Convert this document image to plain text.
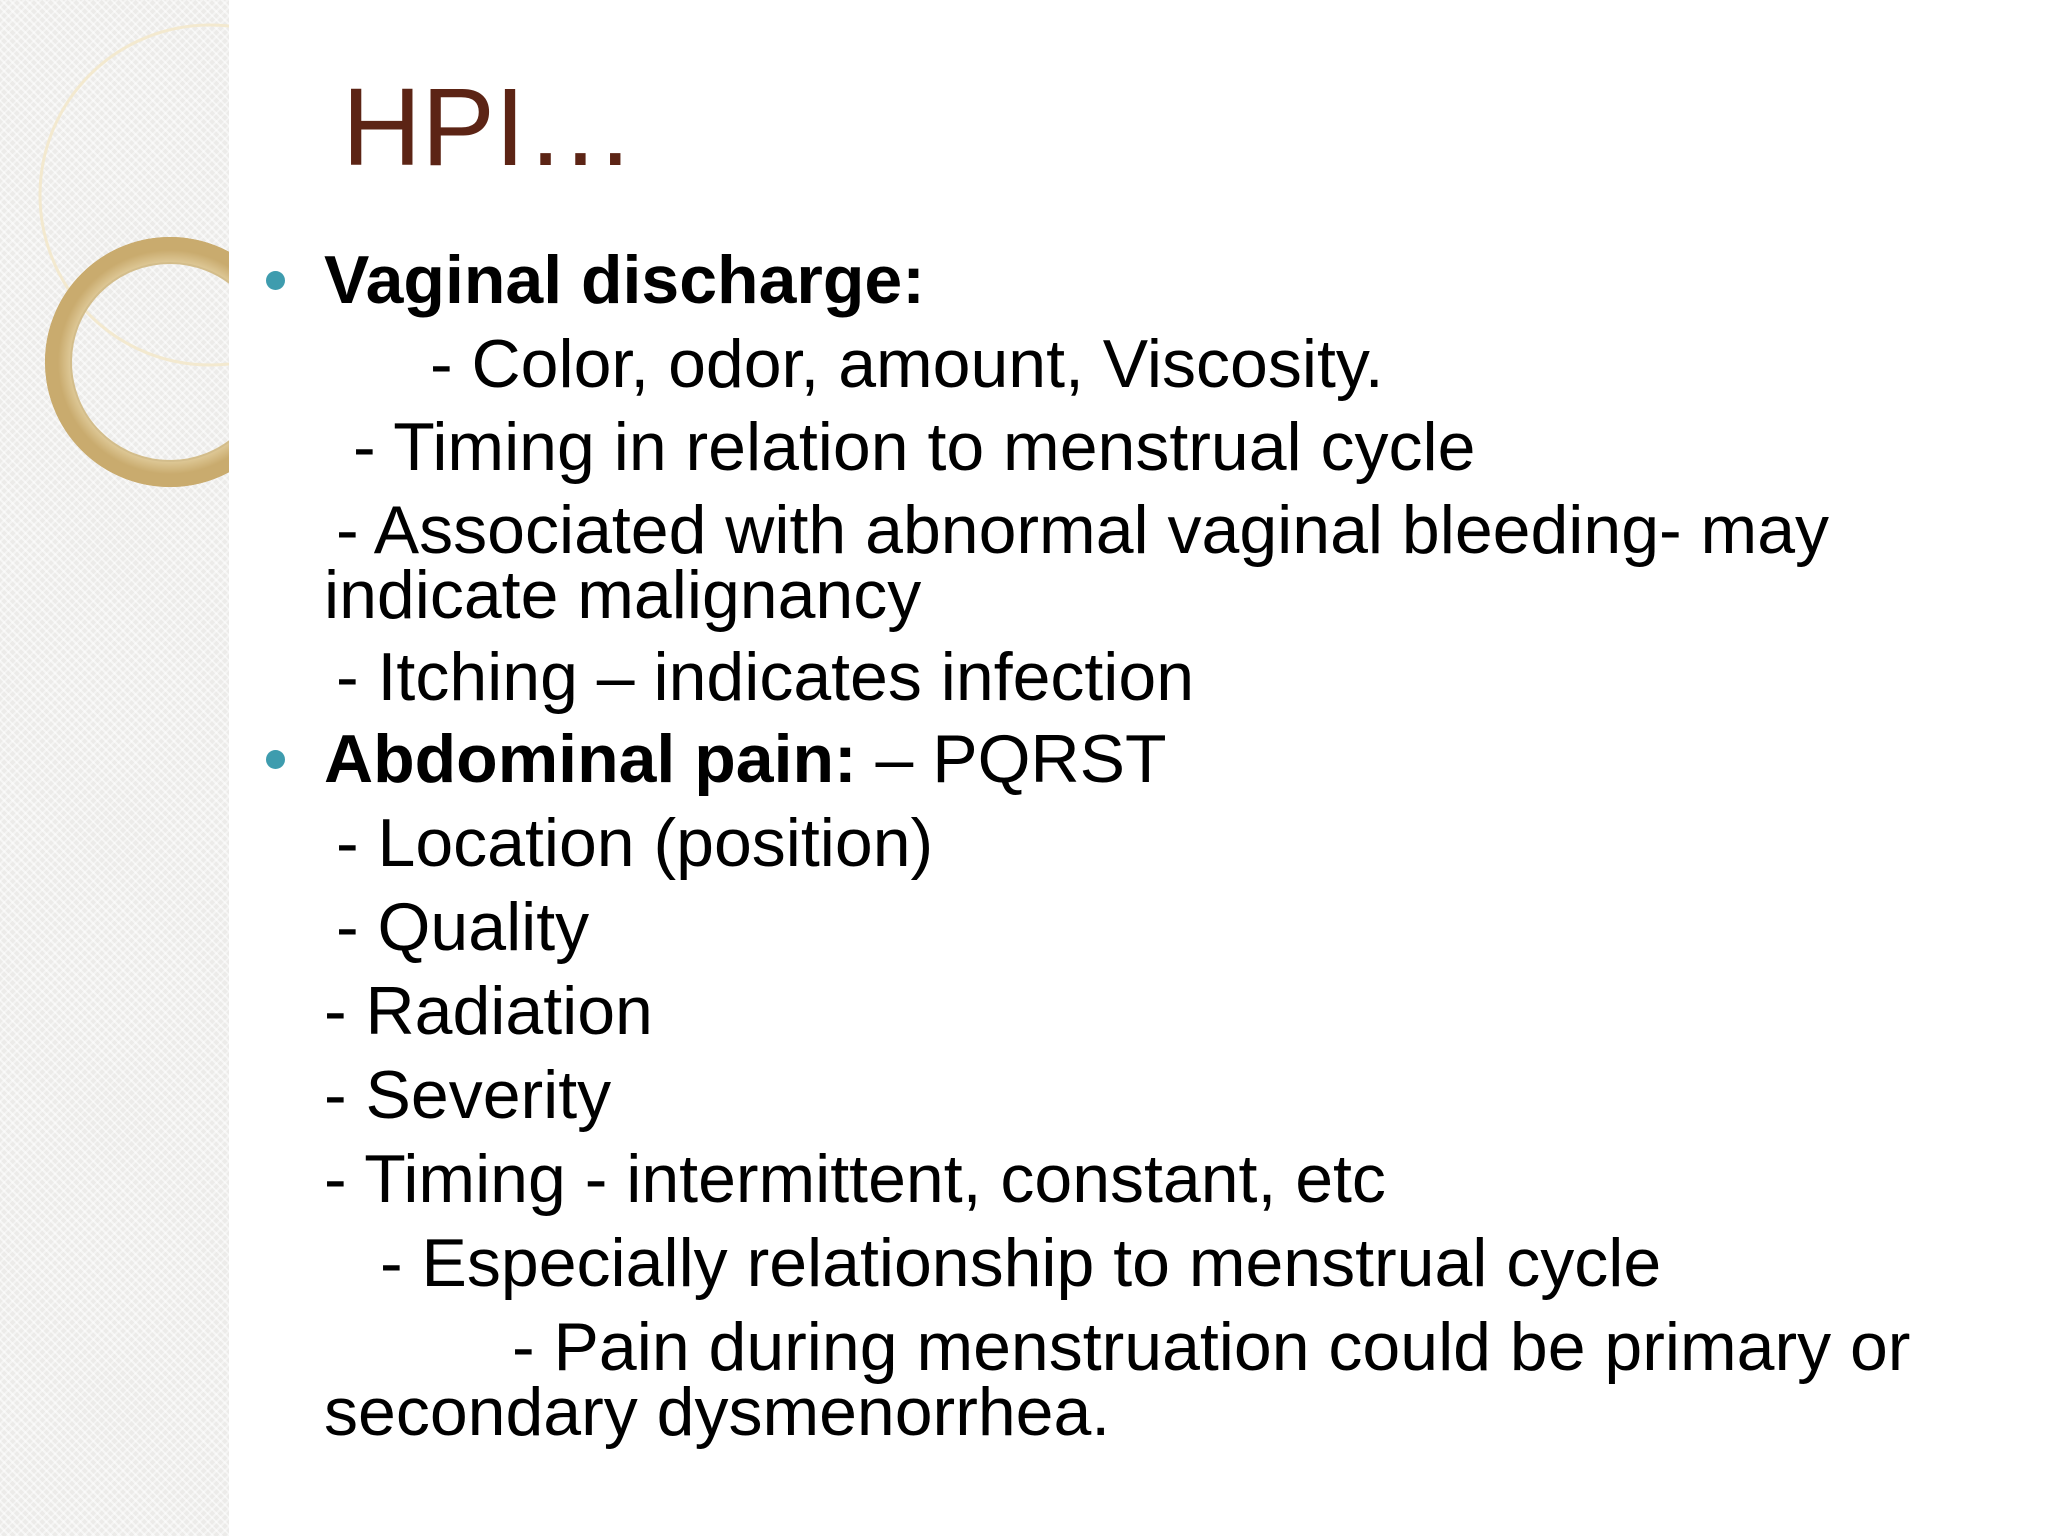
HPI…

Vaginal discharge:

- Color, odor, amount, Viscosity.

- Timing in relation to menstrual cycle

- Associated with abnormal vaginal bleeding- may

indicate malignancy

- Itching – indicates infection

Abdominal pain: – PQRST

- Location (position)

- Quality

- Radiation

- Severity

- Timing - intermittent, constant, etc

- Especially relationship to menstrual cycle

- Pain during menstruation could be primary or

secondary dysmenorrhea.
